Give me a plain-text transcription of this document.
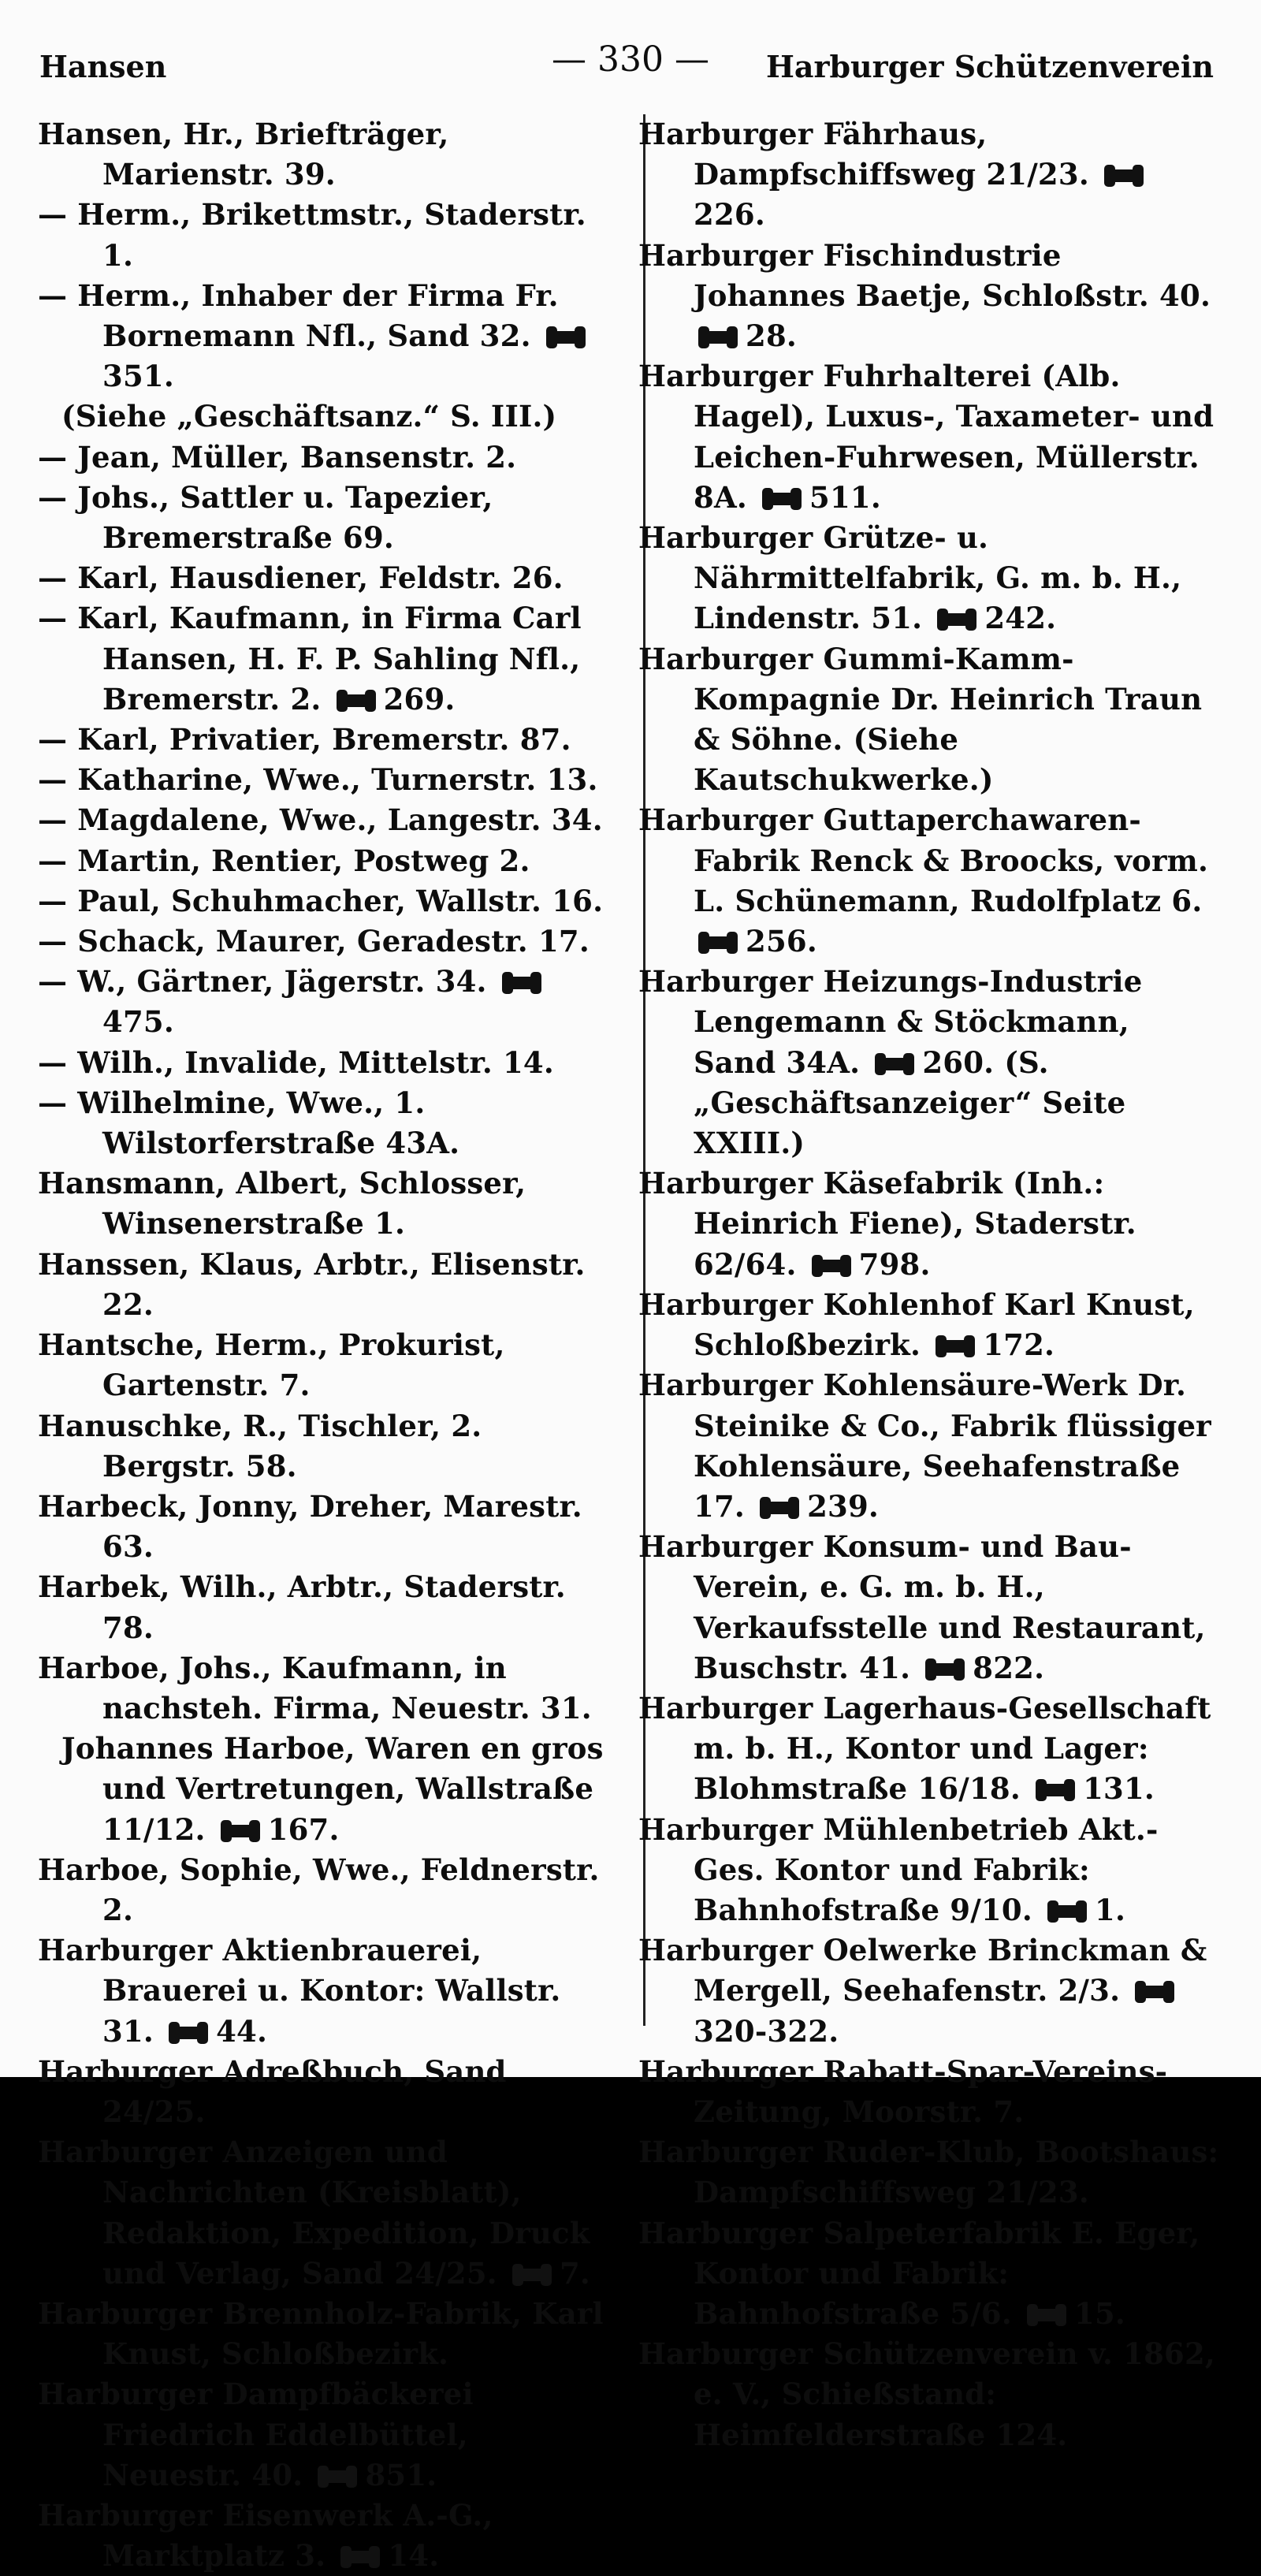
Hansen	— 330 —	Harburger Schützenverein
Hansen, Hr., Briefträger, Marienstr. 39.
— Herm., Brikettmstr., Staderstr. 1.
— Herm., Inhaber der Firma Fr. Bornemann Nfl., Sand 32.
351.
(Siehe „Geschäftsanz.“ S. III.)
— Jean, Müller, Bansenstr. 2.
— Johs., Sattler u. Tapezier, Bremerstraße 69.
— Karl, Hausdiener, Feldstr. 26.
— Karl, Kaufmann, in Firma Carl Hansen, H. F. P. Sahling Nfl., Bremerstr. 2. 269.
— Karl, Privatier, Bremerstr. 87.
— Katharine, Wwe., Turnerstr. 13.
— Magdalene, Wwe., Langestr. 34.
— Martin, Rentier, Postweg 2.
— Paul, Schuhmacher, Wallstr. 16.
— Schack, Maurer, Geradestr. 17.
— W., Gärtner, Jägerstr. 34.
475.
— Wilh., Invalide, Mittelstr. 14.
— Wilhelmine, Wwe., 1. Wilstorferstraße 43A.
Hansmann, Albert, Schlosser, Winsenerstraße 1.
Hanssen, Klaus, Arbtr., Elisenstr. 22.
Hantsche, Herm., Prokurist, Gartenstr. 7.
Hanuschke, R., Tischler, 2. Bergstr. 58.
Harbeck, Jonny, Dreher, Marestr. 63.
Harbek, Wilh., Arbtr., Staderstr. 78.
Harboe, Johs., Kaufmann, in nachsteh. Firma, Neuestr. 31.
Johannes Harboe, Waren en gros und Vertretungen, Wallstraße 11/12. 167.
Harboe, Sophie, Wwe., Feldnerstr. 2.
Harburger Aktienbrauerei, Brauerei u. Kontor: Wallstr. 31. 44.
Harburger Adreßbuch, Sand 24/25.
Harburger Anzeigen und Nachrichten (Kreisblatt), Redaktion, Expedition, Druck und Verlag, Sand 24/25. 7.
Harburger Brennholz-Fabrik, Karl Knust, Schloßbezirk.
Harburger Dampfbäckerei Friedrich Eddelbüttel, Neuestr. 40. 851.
Harburger Eisenwerk A.-G., Marktplatz 3. 14.
Harburger Fährhaus, Dampfschiffsweg 21/23.
226.
Harburger Fischindustrie Johannes Baetje, Schloßstr. 40.
28.
Harburger Fuhrhalterei (Alb. Hagel), Luxus-, Taxameter- und Leichen-Fuhrwesen, Müllerstr. 8A. 511.
Harburger Grütze- u. Nährmittelfabrik, G. m. b. H., Lindenstr. 51. 242.
Harburger Gummi-Kamm-Kompagnie Dr. Heinrich Traun & Söhne. (Siehe Kautschukwerke.)
Harburger Guttaperchawaren-Fabrik Renck & Broocks, vorm. L. Schünemann, Rudolfplatz 6.
256.
Harburger Heizungs-Industrie Lengemann & Stöckmann, Sand 34A. 260. (S. „Geschäftsanzeiger“ Seite XXIII.)
Harburger Käsefabrik (Inh.: Heinrich Fiene), Staderstr. 62/64. 798.
Harburger Kohlenhof Karl Knust, Schloßbezirk. 172.
Harburger Kohlensäure-Werk Dr. Steinike & Co., Fabrik flüssiger Kohlensäure, Seehafenstraße 17. 239.
Harburger Konsum- und Bau-Verein, e. G. m. b. H., Verkaufsstelle und Restaurant, Buschstr. 41. 822.
Harburger Lagerhaus-Gesellschaft m. b. H., Kontor und Lager: Blohmstraße 16/18. 131.
Harburger Mühlenbetrieb Akt.-Ges. Kontor und Fabrik: Bahnhofstraße 9/10. 1.
Harburger Oelwerke Brinckman & Mergell, Seehafenstr. 2/3.
320-322.
Harburger Rabatt-Spar-Vereins-Zeitung, Moorstr. 7.
Harburger Ruder-Klub, Bootshaus: Dampfschiffsweg 21/23.
Harburger Salpeterfabrik E. Eger, Kontor und Fabrik: Bahnhofstraße 5/6. 15.
Harburger Schützenverein v. 1862, e. V., Schießstand: Heimfelderstraße 124.
